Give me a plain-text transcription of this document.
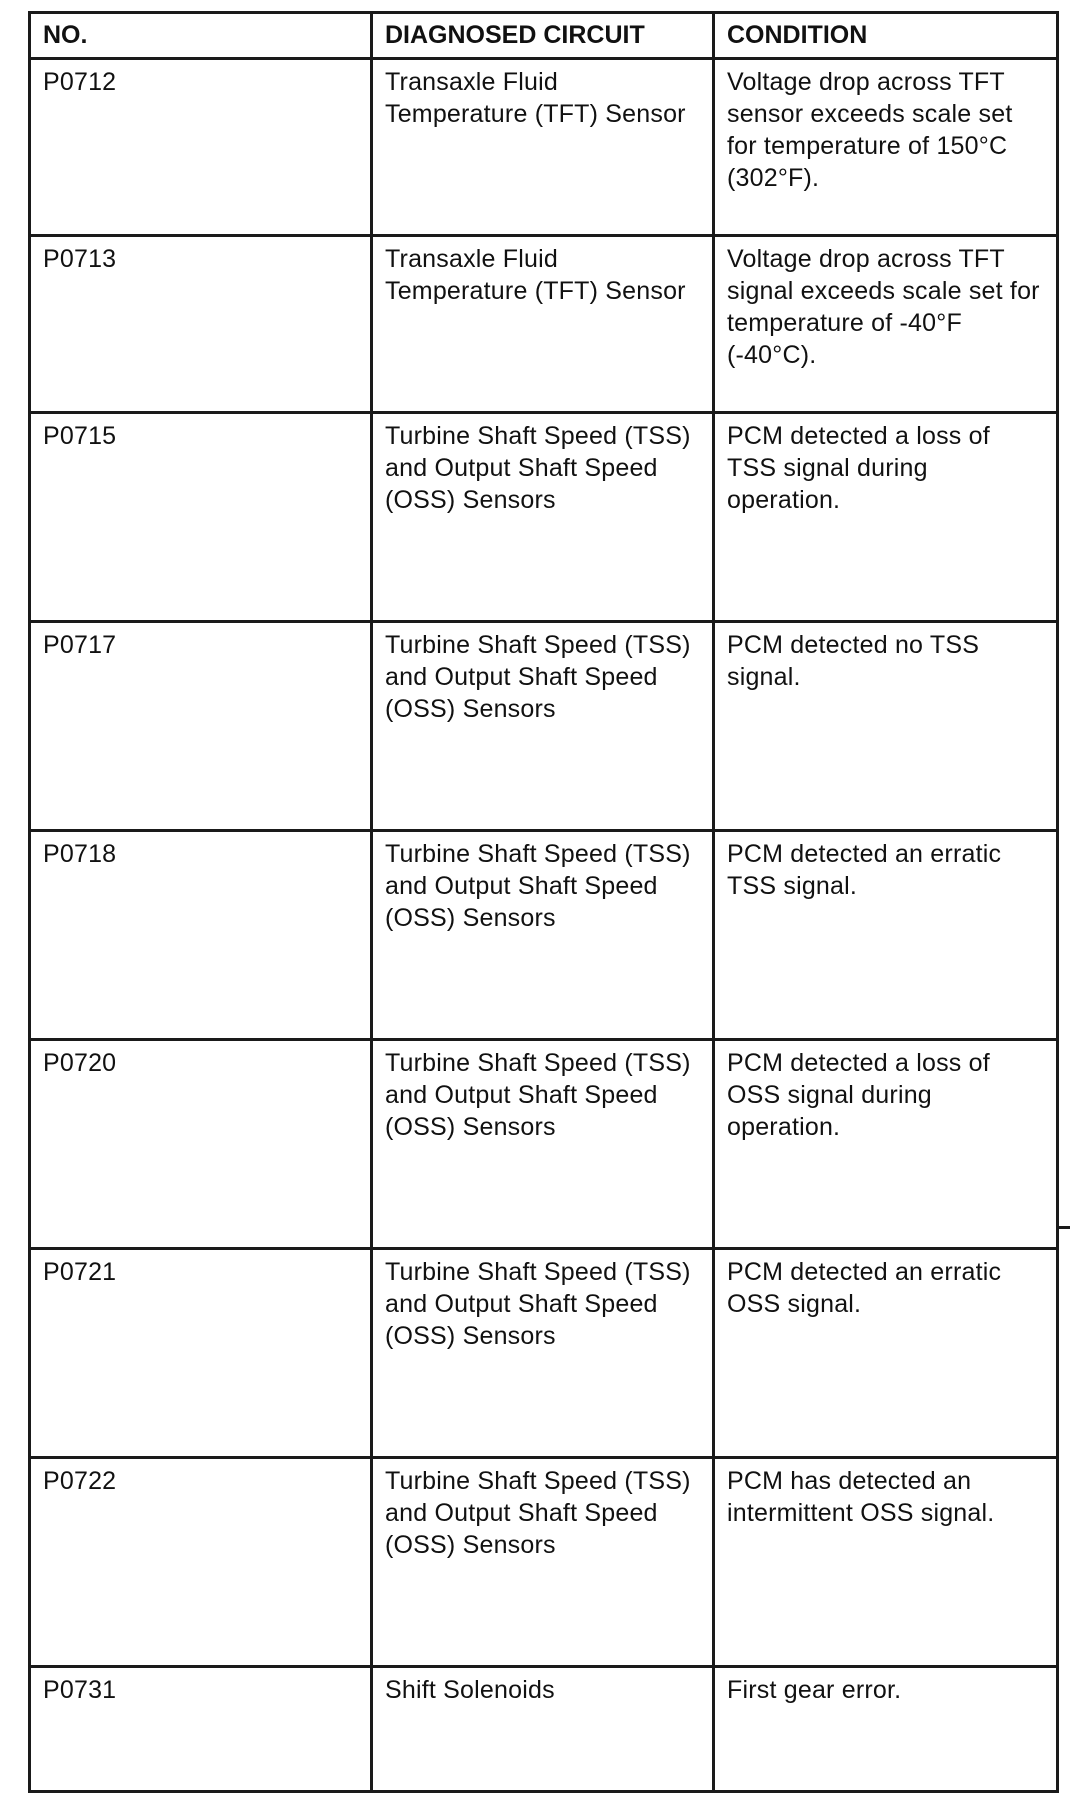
NO.	DIAGNOSED CIRCUIT	CONDITION
P0712	Transaxle Fluid Temperature (TFT) Sensor	Voltage drop across TFT sensor exceeds scale set for temperature of 150°C (302°F).
P0713	Transaxle Fluid Temperature (TFT) Sensor	Voltage drop across TFT signal exceeds scale set for temperature of -40°F (-40°C).
P0715	Turbine Shaft Speed (TSS) and Output Shaft Speed (OSS) Sensors	PCM detected a loss of TSS signal during operation.
P0717	Turbine Shaft Speed (TSS) and Output Shaft Speed (OSS) Sensors	PCM detected no TSS signal.
P0718	Turbine Shaft Speed (TSS) and Output Shaft Speed (OSS) Sensors	PCM detected an erratic TSS signal.
P0720	Turbine Shaft Speed (TSS) and Output Shaft Speed (OSS) Sensors	PCM detected a loss of OSS signal during operation.
P0721	Turbine Shaft Speed (TSS) and Output Shaft Speed (OSS) Sensors	PCM detected an erratic OSS signal.
P0722	Turbine Shaft Speed (TSS) and Output Shaft Speed (OSS) Sensors	PCM has detected an intermittent OSS signal.
P0731	Shift Solenoids	First gear error.
